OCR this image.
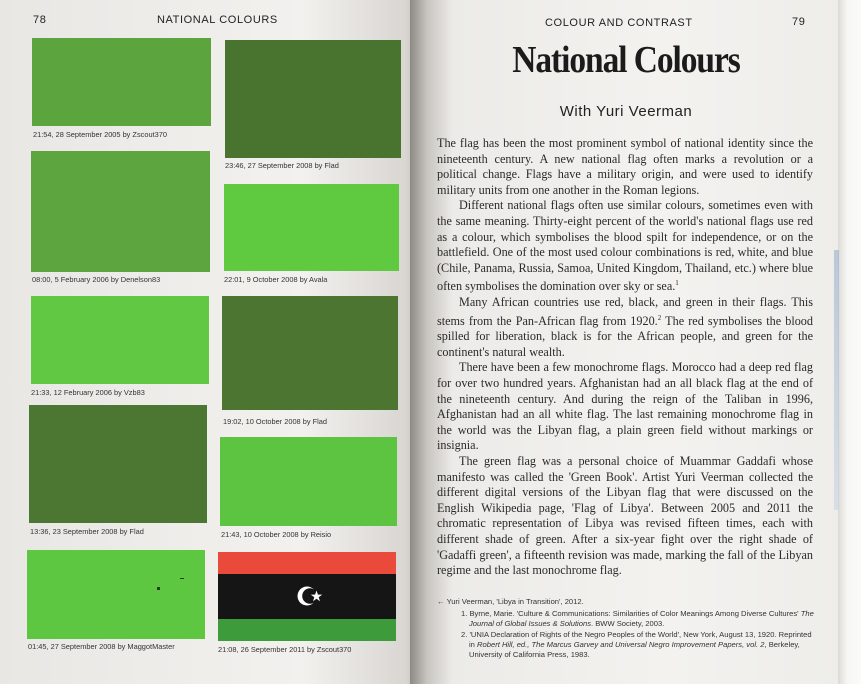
78	NATIONAL COLOURS
21:54, 28 September 2005 by Zscout370
23:46, 27 September 2008 by Flad
08:00, 5 February 2006 by Denelson83	22:01, 9 October 2008 by Avala
21:33, 12 February 2006 by Vzb83
19:02, 10 October 2008 by Flad
13:36, 23 September 2008 by Flad	21:43, 10 October 2008 by Reisio
01:45, 27 September 2008 by MaggotMaster	21:08, 26 September 2011 by Zscout370
COLOUR AND CONTRAST	79
National Colours
With Yuri Veerman

The flag has been the most prominent symbol of national identity since the nineteenth century. A new national flag often marks a revolution or a political change. Flags have a military origin, and were used to identify military units from one another in the Roman legions.

Different national flags often use similar colours, sometimes even with the same meaning. Thirty-eight percent of the world's national flags use red as a colour, which symbolises the blood spilt for independence, or on the battlefield. One of the most used colour combinations is red, white, and blue (Chile, Panama, Russia, Samoa, United Kingdom, Thailand, etc.) where blue often symbolises the domination over sky or sea.$^1$

Many African countries use red, black, and green in their flags. This stems from the Pan-African flag from 1920.$^2$ The red symbolises the blood spilled for liberation, black is for the African people, and green for the continent's natural wealth.

There have been a few monochrome flags. Morocco had a deep red flag for over two hundred years. Afghanistan had an all black flag at the end of the nineteenth century. And during the reign of the Taliban in 1996, Afghanistan had an all white flag. The last remaining monochrome flag in the world was the Libyan flag, a plain green field without markings or insignia.

The green flag was a personal choice of Muammar Gaddafi whose manifesto was called the 'Green Book'. Artist Yuri Veerman collected the different digital versions of the Libyan flag that were discussed on the English Wikipedia page, 'Flag of Libya'. Between 2005 and 2011 the chromatic representation of Libya was revised fifteen times, each with different shade of green. After a six-year fight over the right shade of 'Gadaffi green', a fifteenth revision was made, marking the fall of the Libyan regime and the last monochrome flag.

← Yuri Veerman, 'Libya in Transition', 2012.
1. Byrne, Marie. 'Culture & Communications: Similarities of Color Meanings Among Diverse Cultures' The Journal of Global Issues & Solutions. BWW Society, 2003.
2. 'UNIA Declaration of Rights of the Negro Peoples of the World', New York, August 13, 1920. Reprinted in Robert Hill, ed., The Marcus Garvey and Universal Negro Improvement Papers, vol. 2, Berkeley, University of California Press, 1983.
